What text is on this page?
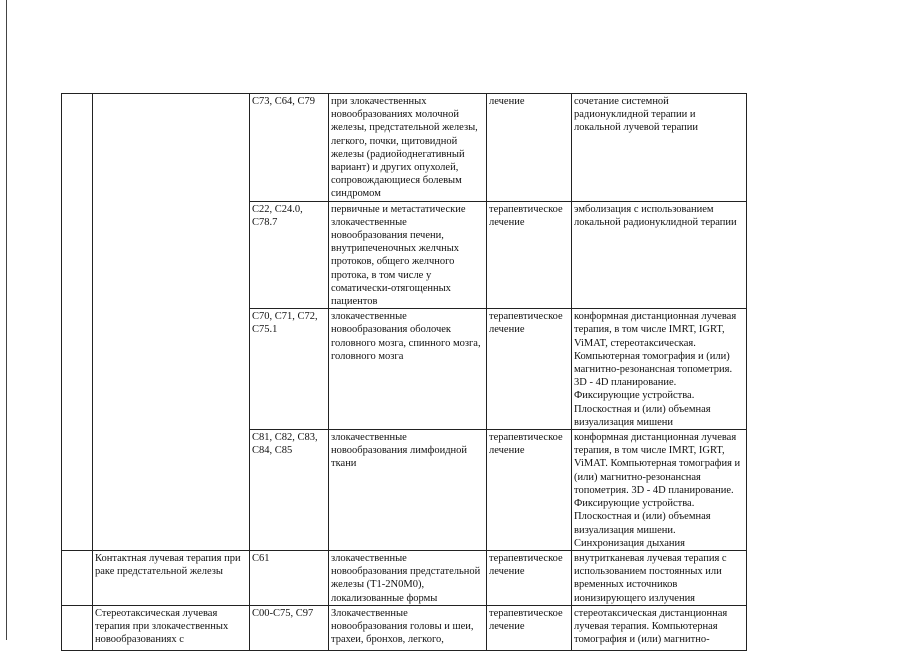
		C73, C64, C79	при злокачественных новообразованиях молочной железы, предстательной железы, легкого, почки, щитовидной железы (радиойоднегативный вариант) и других опухолей, сопровождающиеся болевым синдромом	лечение	сочетание системной радионуклидной терапии и локальной лучевой терапии
		C22, C24.0, C78.7	первичные и метастатические злокачественные новообразования печени, внутрипеченочных желчных протоков, общего желчного протока, в том числе у соматически-отягощенных пациентов	терапевтическое лечение	эмболизация с использованием локальной радионуклидной терапии
		C70, C71, C72, C75.1	злокачественные новообразования оболочек головного мозга, спинного мозга, головного мозга	терапевтическое лечение	конформная дистанционная лучевая терапия, в том числе IMRT, IGRT, ViMAT, стереотаксическая. Компьютерная томография и (или) магнитно-резонансная топометрия. 3D - 4D планирование. Фиксирующие устройства. Плоскостная и (или) объемная визуализация мишени
		C81, C82, C83, C84, C85	злокачественные новообразования лимфоидной ткани	терапевтическое лечение	конформная дистанционная лучевая терапия, в том числе IMRT, IGRT, ViMAT. Компьютерная томография и (или) магнитно-резонансная топометрия. 3D - 4D планирование. Фиксирующие устройства. Плоскостная и (или) объемная визуализация мишени. Синхронизация дыхания
	Контактная лучевая терапия при раке предстательной железы	C61	злокачественные новообразования предстательной железы (T1-2N0M0), локализованные формы	терапевтическое лечение	внутритканевая лучевая терапия с использованием постоянных или временных источников ионизирующего излучения
	Стереотаксическая лучевая терапия при злокачественных новообразованиях с	C00-C75, C97	Злокачественные новообразования головы и шеи, трахеи, бронхов, легкого,	терапевтическое лечение	стереотаксическая дистанционная лучевая терапия. Компьютерная томография и (или) магнитно-
